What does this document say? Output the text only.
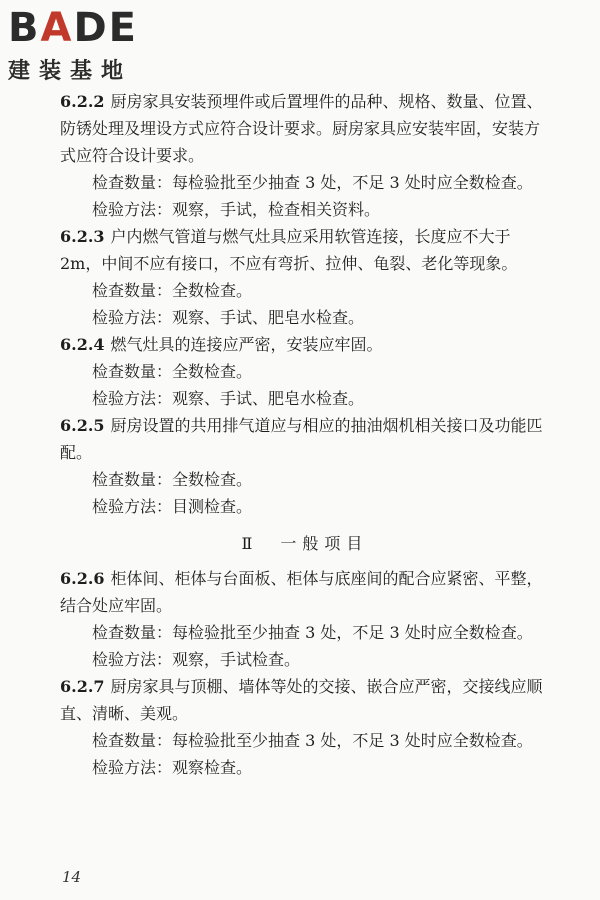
BADE
建装基地

6.2.2 厨房家具安装预埋件或后置埋件的品种、规格、数量、位置、防锈处理及埋设方式应符合设计要求。厨房家具应安装牢固，安装方式应符合设计要求。

检查数量：每检验批至少抽查 3 处，不足 3 处时应全数检查。

检验方法：观察，手试，检查相关资料。

6.2.3 户内燃气管道与燃气灶具应采用软管连接，长度应不大于 2m，中间不应有接口，不应有弯折、拉伸、龟裂、老化等现象。

检查数量：全数检查。

检验方法：观察、手试、肥皂水检查。

6.2.4 燃气灶具的连接应严密，安装应牢固。

检查数量：全数检查。

检验方法：观察、手试、肥皂水检查。

6.2.5 厨房设置的共用排气道应与相应的抽油烟机相关接口及功能匹配。

检查数量：全数检查。

检验方法：目测检查。

Ⅱ　一般项目

6.2.6 柜体间、柜体与台面板、柜体与底座间的配合应紧密、平整，结合处应牢固。

检查数量：每检验批至少抽查 3 处，不足 3 处时应全数检查。

检验方法：观察，手试检查。

6.2.7 厨房家具与顶棚、墙体等处的交接、嵌合应严密，交接线应顺直、清晰、美观。

检查数量：每检验批至少抽查 3 处，不足 3 处时应全数检查。

检验方法：观察检查。

14
